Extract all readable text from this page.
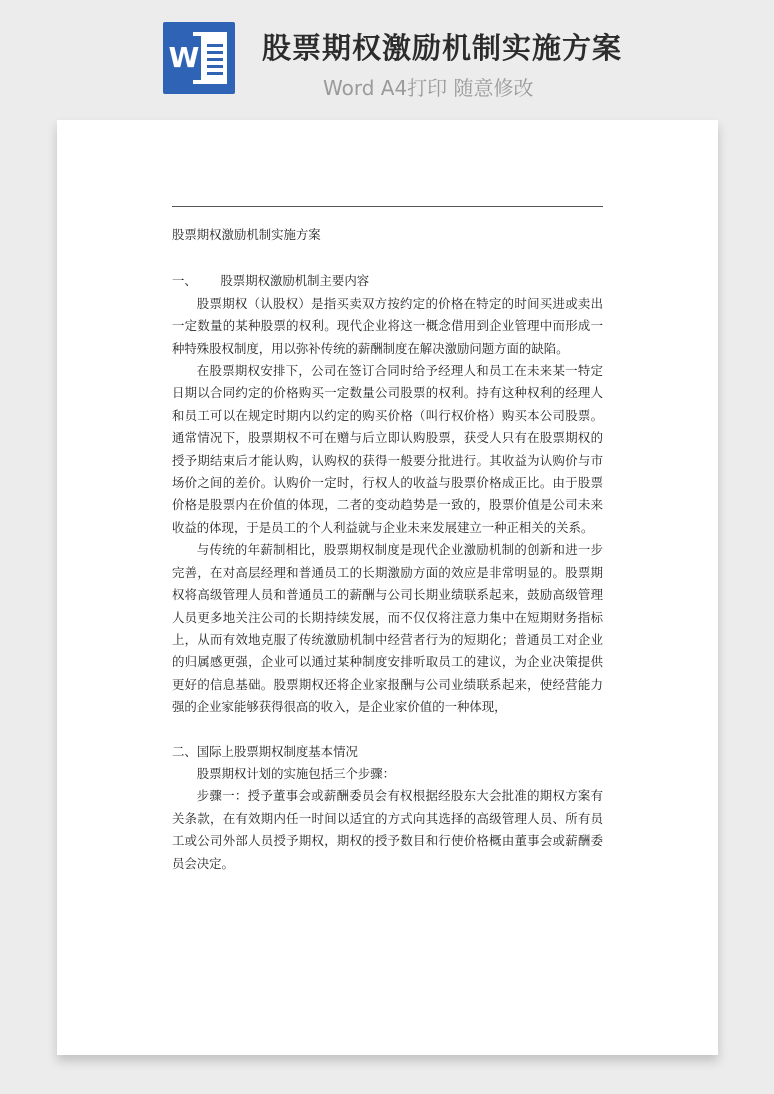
W 股票期权激励机制实施方案
Word A4打印 随意修改

股票期权激励机制实施方案

一、      股票期权激励机制主要内容

股票期权（认股权）是指买卖双方按约定的价格在特定的时间买进或卖出一定数量的某种股票的权利。现代企业将这一概念借用到企业管理中而形成一种特殊股权制度，用以弥补传统的薪酬制度在解决激励问题方面的缺陷。

在股票期权安排下，公司在签订合同时给予经理人和员工在未来某一特定日期以合同约定的价格购买一定数量公司股票的权利。持有这种权利的经理人和员工可以在规定时期内以约定的购买价格（叫行权价格）购买本公司股票。通常情况下，股票期权不可在赠与后立即认购股票，获受人只有在股票期权的授予期结束后才能认购，认购权的获得一般要分批进行。其收益为认购价与市场价之间的差价。认购价一定时，行权人的收益与股票价格成正比。由于股票价格是股票内在价值的体现，二者的变动趋势是一致的，股票价值是公司未来收益的体现，于是员工的个人利益就与企业未来发展建立一种正相关的关系。

与传统的年薪制相比，股票期权制度是现代企业激励机制的创新和进一步完善，在对高层经理和普通员工的长期激励方面的效应是非常明显的。股票期权将高级管理人员和普通员工的薪酬与公司长期业绩联系起来，鼓励高级管理人员更多地关注公司的长期持续发展，而不仅仅将注意力集中在短期财务指标上，从而有效地克服了传统激励机制中经营者行为的短期化；普通员工对企业的归属感更强，企业可以通过某种制度安排听取员工的建议，为企业决策提供更好的信息基础。股票期权还将企业家报酬与公司业绩联系起来，使经营能力强的企业家能够获得很高的收入，是企业家价值的一种体现，

二、国际上股票期权制度基本情况

股票期权计划的实施包括三个步骤：

步骤一：授予董事会或薪酬委员会有权根据经股东大会批准的期权方案有关条款，在有效期内任一时间以适宜的方式向其选择的高级管理人员、所有员工或公司外部人员授予期权，期权的授予数目和行使价格概由董事会或薪酬委员会决定。
